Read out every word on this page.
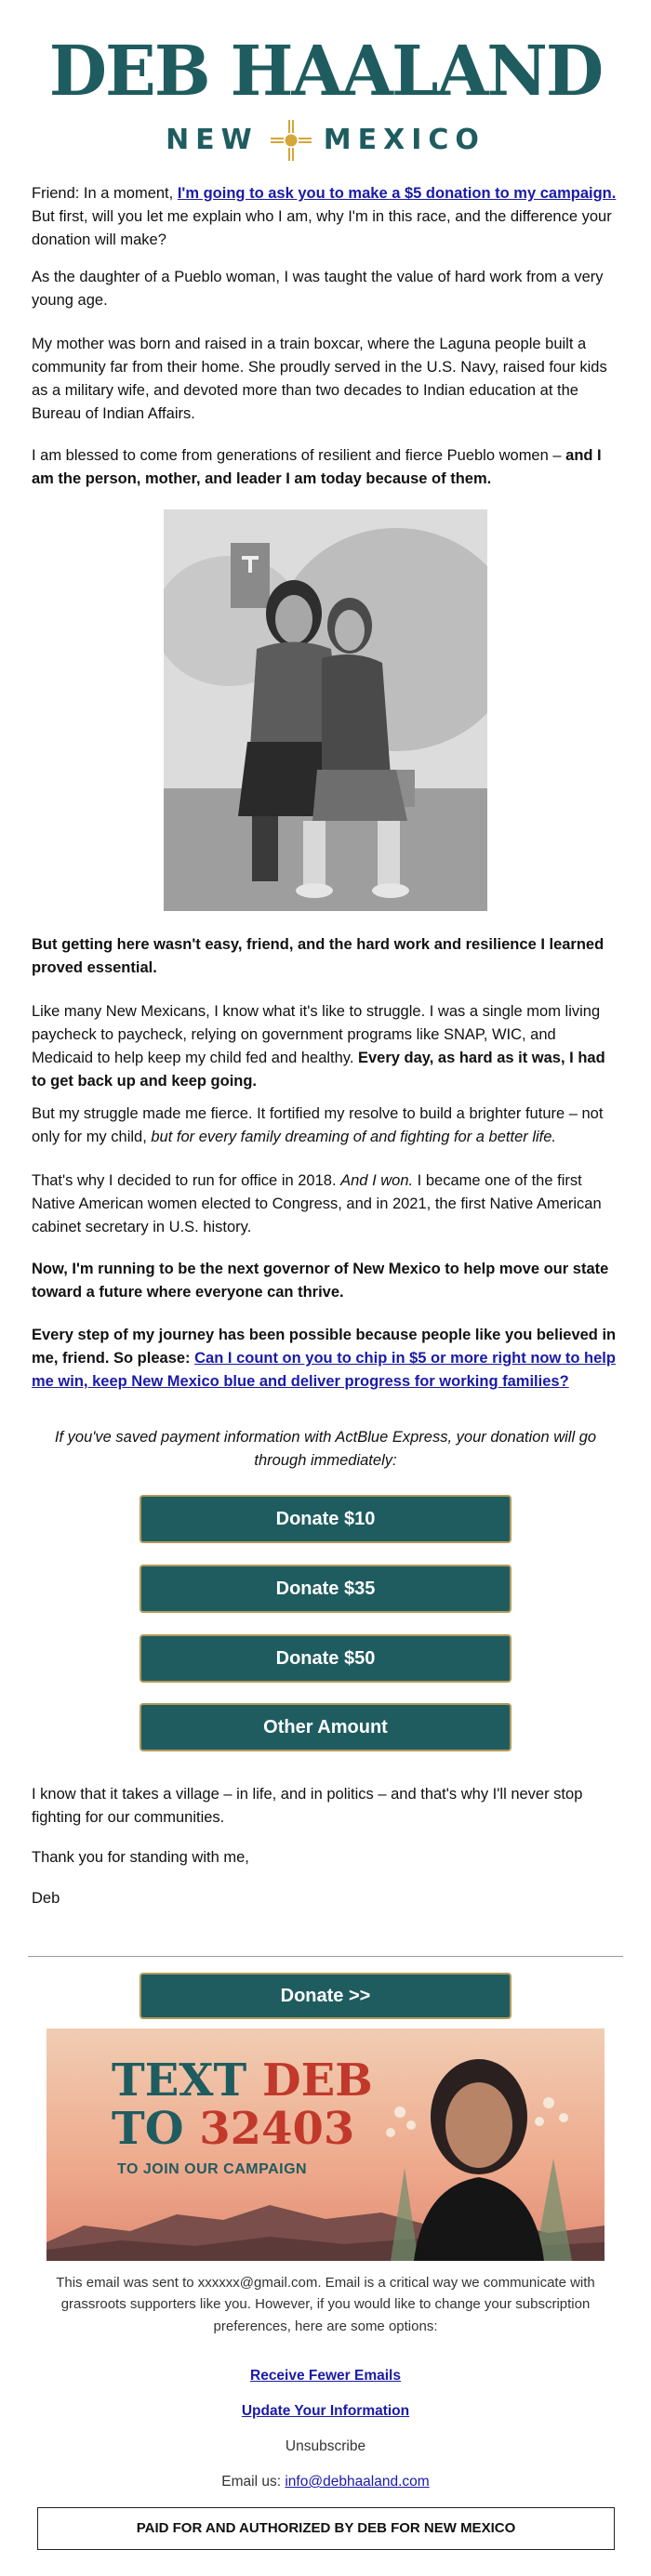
DEB HAALAND
NEW MEXICO

Friend: In a moment, I'm going to ask you to make a $5 donation to my campaign. But first, will you let me explain who I am, why I'm in this race, and the difference your donation will make?

As the daughter of a Pueblo woman, I was taught the value of hard work from a very young age.

My mother was born and raised in a train boxcar, where the Laguna people built a community far from their home. She proudly served in the U.S. Navy, raised four kids as a military wife, and devoted more than two decades to Indian education at the Bureau of Indian Affairs.

I am blessed to come from generations of resilient and fierce Pueblo women – and I am the person, mother, and leader I am today because of them.

But getting here wasn't easy, friend, and the hard work and resilience I learned proved essential.

Like many New Mexicans, I know what it's like to struggle. I was a single mom living paycheck to paycheck, relying on government programs like SNAP, WIC, and Medicaid to help keep my child fed and healthy. Every day, as hard as it was, I had to get back up and keep going.

But my struggle made me fierce. It fortified my resolve to build a brighter future – not only for my child, but for every family dreaming of and fighting for a better life.

That's why I decided to run for office in 2018. And I won. I became one of the first Native American women elected to Congress, and in 2021, the first Native American cabinet secretary in U.S. history.

Now, I'm running to be the next governor of New Mexico to help move our state toward a future where everyone can thrive.

Every step of my journey has been possible because people like you believed in me, friend. So please: Can I count on you to chip in $5 or more right now to help me win, keep New Mexico blue and deliver progress for working families?

If you've saved payment information with ActBlue Express, your donation will go through immediately:

Donate $10
Donate $35
Donate $50
Other Amount

I know that it takes a village – in life, and in politics – and that's why I'll never stop fighting for our communities.

Thank you for standing with me,

Deb

Donate >>
TEXT DEB
TO 32403
TO JOIN OUR CAMPAIGN
This email was sent to xxxxxx@gmail.com. Email is a critical way we communicate with grassroots supporters like you. However, if you would like to change your subscription preferences, here are some options:
Receive Fewer Emails
Update Your Information
Unsubscribe
Email us: info@debhaaland.com
PAID FOR AND AUTHORIZED BY DEB FOR NEW MEXICO
